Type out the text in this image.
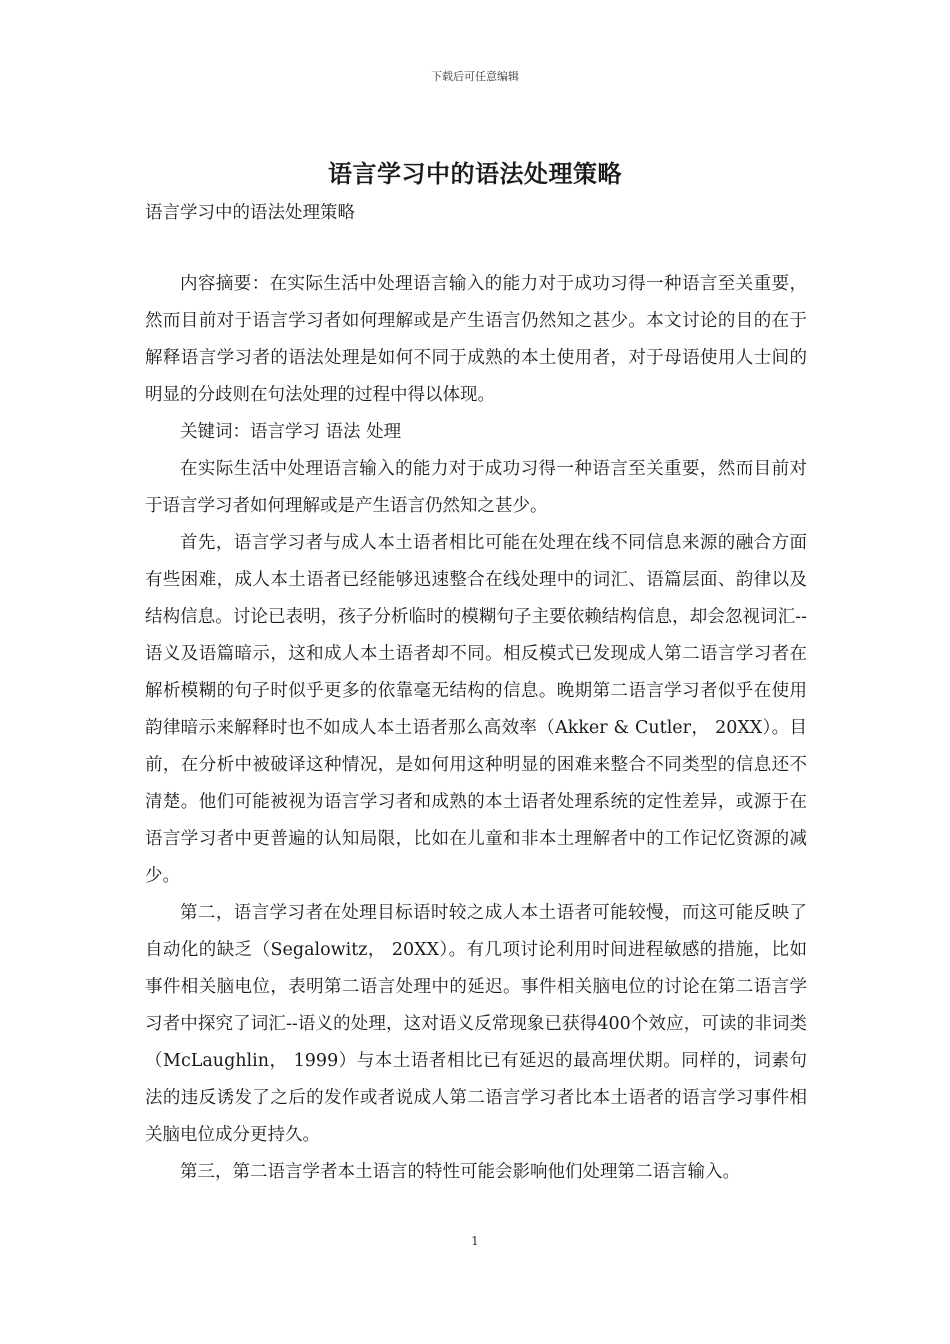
下载后可任意编辑
语言学习中的语法处理策略
语言学习中的语法处理策略

内容摘要：在实际生活中处理语言输入的能力对于成功习得一种语言至关重要，然而目前对于语言学习者如何理解或是产生语言仍然知之甚少。本文讨论的目的在于解释语言学习者的语法处理是如何不同于成熟的本土使用者，对于母语使用人士间的明显的分歧则在句法处理的过程中得以体现。

关键词：语言学习 语法 处理

在实际生活中处理语言输入的能力对于成功习得一种语言至关重要，然而目前对于语言学习者如何理解或是产生语言仍然知之甚少。

首先，语言学习者与成人本土语者相比可能在处理在线不同信息来源的融合方面有些困难，成人本土语者已经能够迅速整合在线处理中的词汇、语篇层面、韵律以及结构信息。讨论已表明，孩子分析临时的模糊句子主要依赖结构信息，却会忽视词汇--语义及语篇暗示，这和成人本土语者却不同。相反模式已发现成人第二语言学习者在解析模糊的句子时似乎更多的依靠毫无结构的信息。晚期第二语言学习者似乎在使用韵律暗示来解释时也不如成人本土语者那么高效率（Akker & Cutler， 20XX）。目前，在分析中被破译这种情况，是如何用这种明显的困难来整合不同类型的信息还不清楚。他们可能被视为语言学习者和成熟的本土语者处理系统的定性差异，或源于在语言学习者中更普遍的认知局限，比如在儿童和非本土理解者中的工作记忆资源的减少。

第二，语言学习者在处理目标语时较之成人本土语者可能较慢，而这可能反映了自动化的缺乏（Segalowitz， 20XX）。有几项讨论利用时间进程敏感的措施，比如事件相关脑电位，表明第二语言处理中的延迟。事件相关脑电位的讨论在第二语言学习者中探究了词汇--语义的处理，这对语义反常现象已获得400个效应，可读的非词类（McLaughlin， 1999）与本土语者相比已有延迟的最高埋伏期。同样的，词素句法的违反诱发了之后的发作或者说成人第二语言学习者比本土语者的语言学习事件相关脑电位成分更持久。

第三，第二语言学者本土语言的特性可能会影响他们处理第二语言输入。

1
